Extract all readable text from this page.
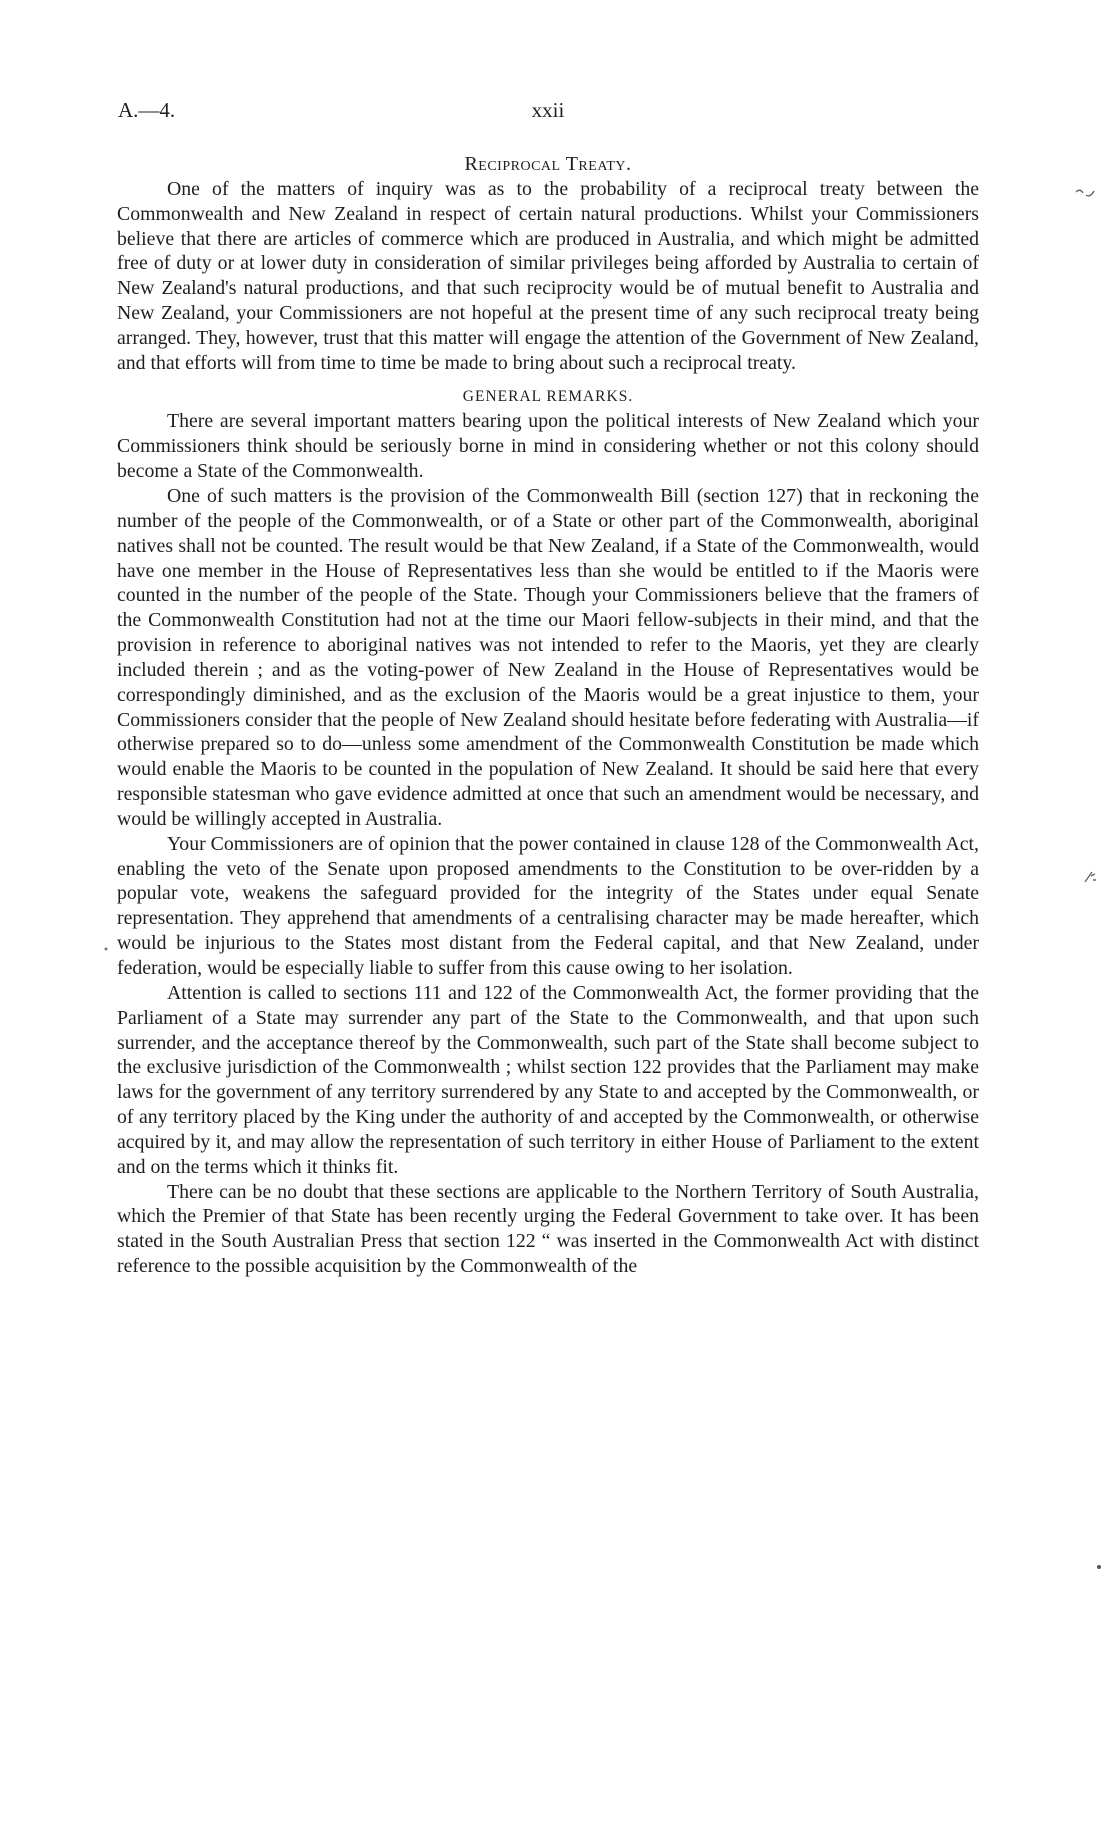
A.—4.	xxii

Reciprocal Treaty.

One of the matters of inquiry was as to the probability of a reciprocal treaty between the Commonwealth and New Zealand in respect of certain natural productions. Whilst your Commissioners believe that there are articles of commerce which are produced in Australia, and which might be admitted free of duty or at lower duty in consideration of similar privileges being afforded by Australia to certain of New Zealand's natural productions, and that such reciprocity would be of mutual benefit to Australia and New Zealand, your Commissioners are not hopeful at the present time of any such reciprocal treaty being arranged. They, however, trust that this matter will engage the attention of the Government of New Zealand, and that efforts will from time to time be made to bring about such a reciprocal treaty.

GENERAL REMARKS.

There are several important matters bearing upon the political interests of New Zealand which your Commissioners think should be seriously borne in mind in considering whether or not this colony should become a State of the Commonwealth.

One of such matters is the provision of the Commonwealth Bill (section 127) that in reckoning the number of the people of the Commonwealth, or of a State or other part of the Commonwealth, aboriginal natives shall not be counted. The result would be that New Zealand, if a State of the Commonwealth, would have one member in the House of Representatives less than she would be entitled to if the Maoris were counted in the number of the people of the State. Though your Commissioners believe that the framers of the Commonwealth Constitution had not at the time our Maori fellow-subjects in their mind, and that the provision in reference to aboriginal natives was not intended to refer to the Maoris, yet they are clearly included therein ; and as the voting-power of New Zealand in the House of Representatives would be correspondingly diminished, and as the exclusion of the Maoris would be a great injustice to them, your Commissioners consider that the people of New Zealand should hesitate before federating with Australia—if otherwise prepared so to do—unless some amendment of the Commonwealth Constitution be made which would enable the Maoris to be counted in the population of New Zealand. It should be said here that every responsible statesman who gave evidence admitted at once that such an amendment would be necessary, and would be willingly accepted in Australia.

Your Commissioners are of opinion that the power contained in clause 128 of the Commonwealth Act, enabling the veto of the Senate upon proposed amendments to the Constitution to be over-ridden by a popular vote, weakens the safeguard provided for the integrity of the States under equal Senate representation. They apprehend that amendments of a centralising character may be made hereafter, which would be injurious to the States most distant from the Federal capital, and that New Zealand, under federation, would be especially liable to suffer from this cause owing to her isolation.

Attention is called to sections 111 and 122 of the Commonwealth Act, the former providing that the Parliament of a State may surrender any part of the State to the Commonwealth, and that upon such surrender, and the acceptance thereof by the Commonwealth, such part of the State shall become subject to the exclusive jurisdiction of the Commonwealth ; whilst section 122 provides that the Parliament may make laws for the government of any territory surrendered by any State to and accepted by the Commonwealth, or of any territory placed by the King under the authority of and accepted by the Commonwealth, or otherwise acquired by it, and may allow the representation of such territory in either House of Parliament to the extent and on the terms which it thinks fit.

There can be no doubt that these sections are applicable to the Northern Territory of South Australia, which the Premier of that State has been recently urging the Federal Government to take over. It has been stated in the South Australian Press that section 122 “ was inserted in the Commonwealth Act with distinct reference to the possible acquisition by the Commonwealth of the
